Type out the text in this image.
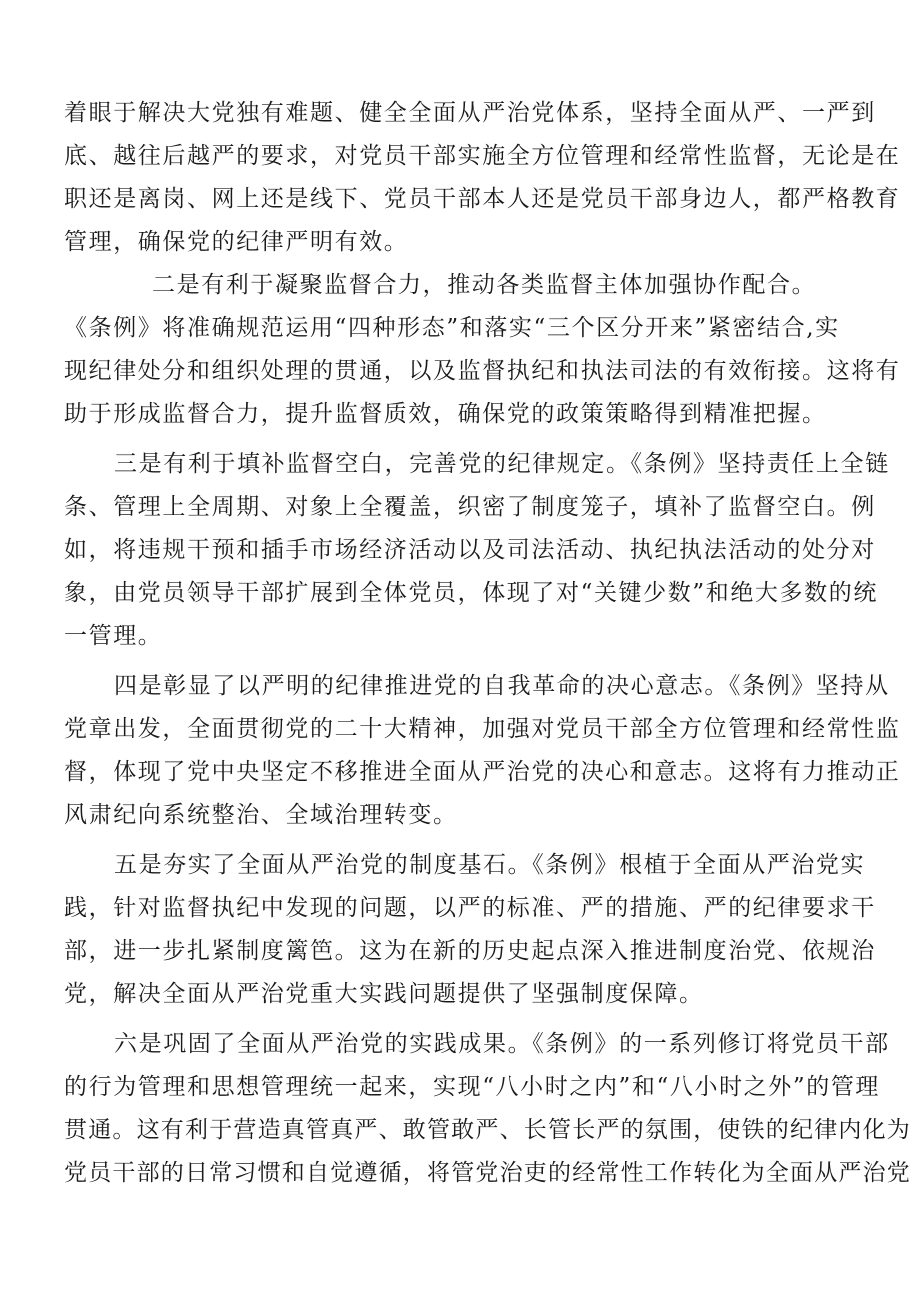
着眼于解决大党独有难题、健全全面从严治党体系，坚持全面从严、一严到
底、越往后越严的要求，对党员干部实施全方位管理和经常性监督，无论是在
职还是离岗、网上还是线下、党员干部本人还是党员干部身边人，都严格教育
管理，确保党的纪律严明有效。
二是有利于凝聚监督合力，推动各类监督主体加强协作配合。
《条例》将准确规范运用“四种形态”和落实“三个区分开来”紧密结合,实
现纪律处分和组织处理的贯通，以及监督执纪和执法司法的有效衔接。这将有
助于形成监督合力，提升监督质效，确保党的政策策略得到精准把握。
三是有利于填补监督空白，完善党的纪律规定。《条例》坚持责任上全链
条、管理上全周期、对象上全覆盖，织密了制度笼子，填补了监督空白。例
如，将违规干预和插手市场经济活动以及司法活动、执纪执法活动的处分对
象，由党员领导干部扩展到全体党员，体现了对“关键少数”和绝大多数的统
一管理。
四是彰显了以严明的纪律推进党的自我革命的决心意志。《条例》坚持从
党章出发，全面贯彻党的二十大精神，加强对党员干部全方位管理和经常性监
督，体现了党中央坚定不移推进全面从严治党的决心和意志。这将有力推动正
风肃纪向系统整治、全域治理转变。
五是夯实了全面从严治党的制度基石。《条例》根植于全面从严治党实
践，针对监督执纪中发现的问题，以严的标准、严的措施、严的纪律要求干
部，进一步扎紧制度篱笆。这为在新的历史起点深入推进制度治党、依规治
党，解决全面从严治党重大实践问题提供了坚强制度保障。
六是巩固了全面从严治党的实践成果。《条例》的一系列修订将党员干部
的行为管理和思想管理统一起来，实现“八小时之内”和“八小时之外”的管理
贯通。这有利于营造真管真严、敢管敢严、长管长严的氛围，使铁的纪律内化为
党员干部的日常习惯和自觉遵循，将管党治吏的经常性工作转化为全面从严治党
